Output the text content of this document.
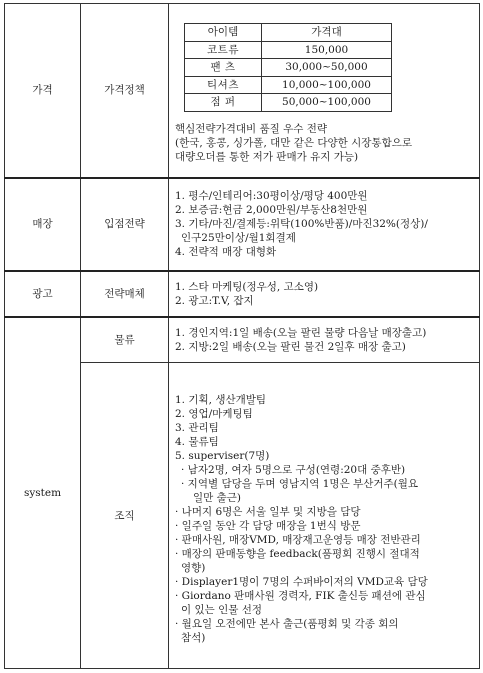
가격	가격정책	
아이템	가격대
코트류	150,000
팬 츠	30,000~50,000
티셔츠	10,000~100,000
점 퍼	50,000~100,000
핵심전략가격대비 품질 우수 전략
(한국, 홍콩, 싱가폴, 대만 같은 다양한 시장통합으로
대량오더를 통한 저가 판매가 유지 가능)

매장	입점전략	
1. 평수/인테리어:30평이상/평당 400만원
2. 보증금:현금 2,000만원/부동산8천만원
3. 기타/마진/결제등:위탁(100%반품)/마진32%(정상)/
인구25만이상/월1회결제
4. 전략적 매장 대형화

광고	전략매체	
1. 스타 마케팅(정우성, 고소영)
2. 광고:T.V, 잡지

system	물류	
1. 경인지역:1일 배송(오늘 팔린 물량 다음날 매장출고)
2. 지방:2일 배송(오늘 팔린 물건 2일후 매장 출고)

조직	
1. 기획, 생산개발팀
2. 영업/마케팅팀
3. 관리팀
4. 물류팀
5. superviser(7명)
· 남자2명, 여자 5명으로 구성(연령:20대 중후반)
· 지역별 담당을 두며 영남지역 1명은 부산거주(월요
일만 출근)
· 나머지 6명은 서울 일부 및 지방을 담당
· 일주일 동안 각 담당 매장을 1번식 방문
· 판매사원, 매장VMD, 매장재고운영등 매장 전반관리
· 매장의 판매동향을 feedback(품평회 진행시 절대적
영향)
· Displayer1명이 7명의 수퍼바이저의 VMD교육 담당
· Giordano 판매사원 경력자, FIK 출신등 패션에 관심
이 있는 인물 선정
· 월요일 오전에만 본사 출근(품평회 및 각종 회의
참석)
